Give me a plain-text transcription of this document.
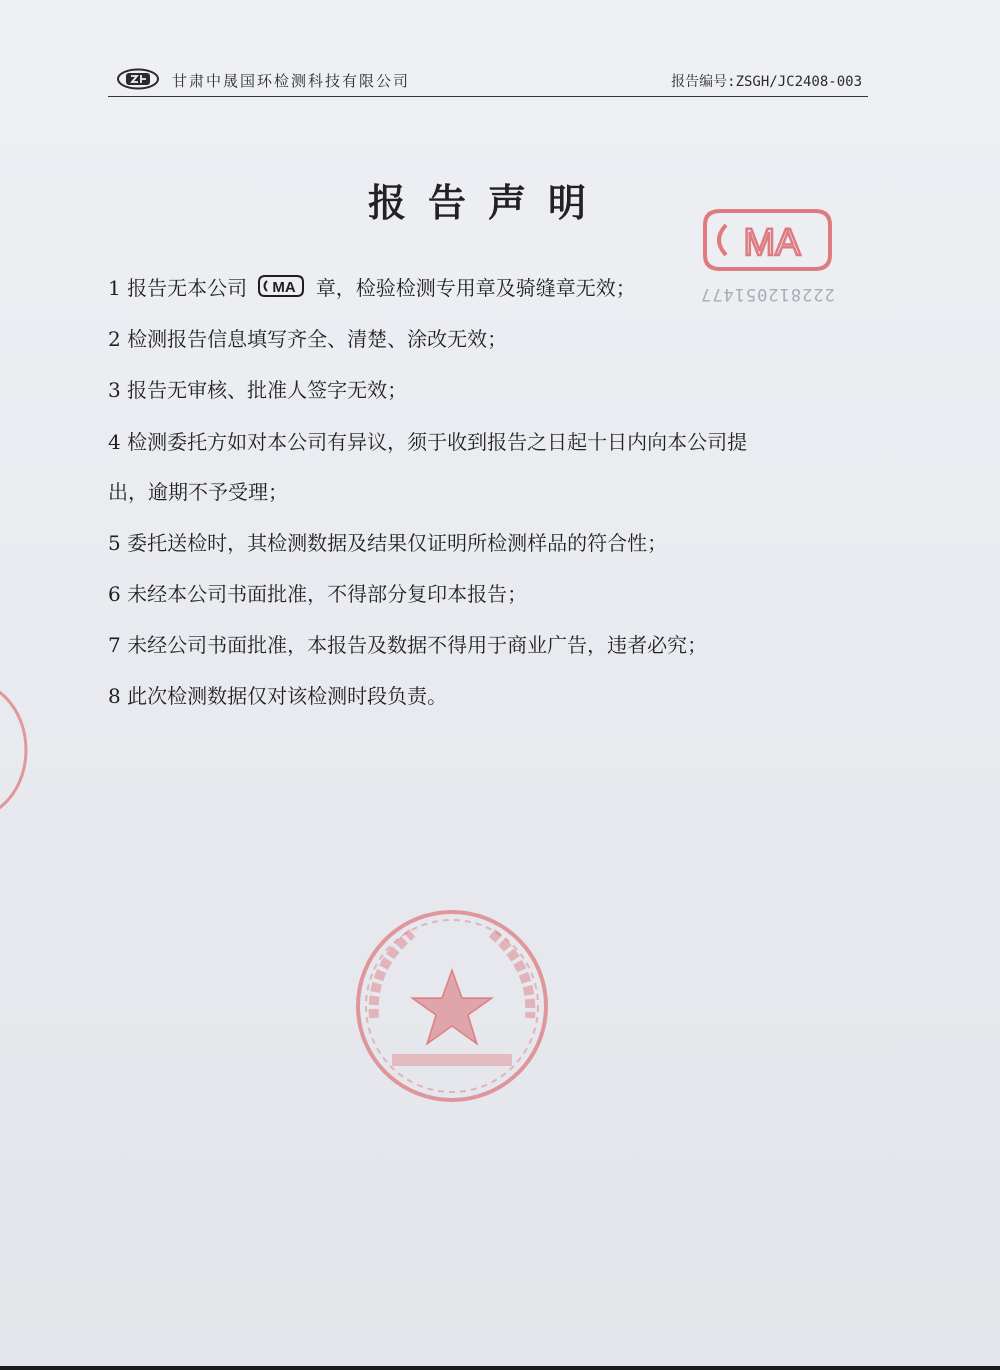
甘肃中晟国环检测科技有限公司	报告编号:ZSGH/JC2408-003
报告声明
MA
222812051477
1 报告无本公司 MA 章，检验检测专用章及骑缝章无效；
2 检测报告信息填写齐全、清楚、涂改无效；
3 报告无审核、批准人签字无效；
4 检测委托方如对本公司有异议，须于收到报告之日起十日内向本公司提
出，逾期不予受理；
5 委托送检时，其检测数据及结果仅证明所检测样品的符合性；
6 未经本公司书面批准，不得部分复印本报告；
7 未经公司书面批准，本报告及数据不得用于商业广告，违者必究；
8 此次检测数据仅对该检测时段负责。
